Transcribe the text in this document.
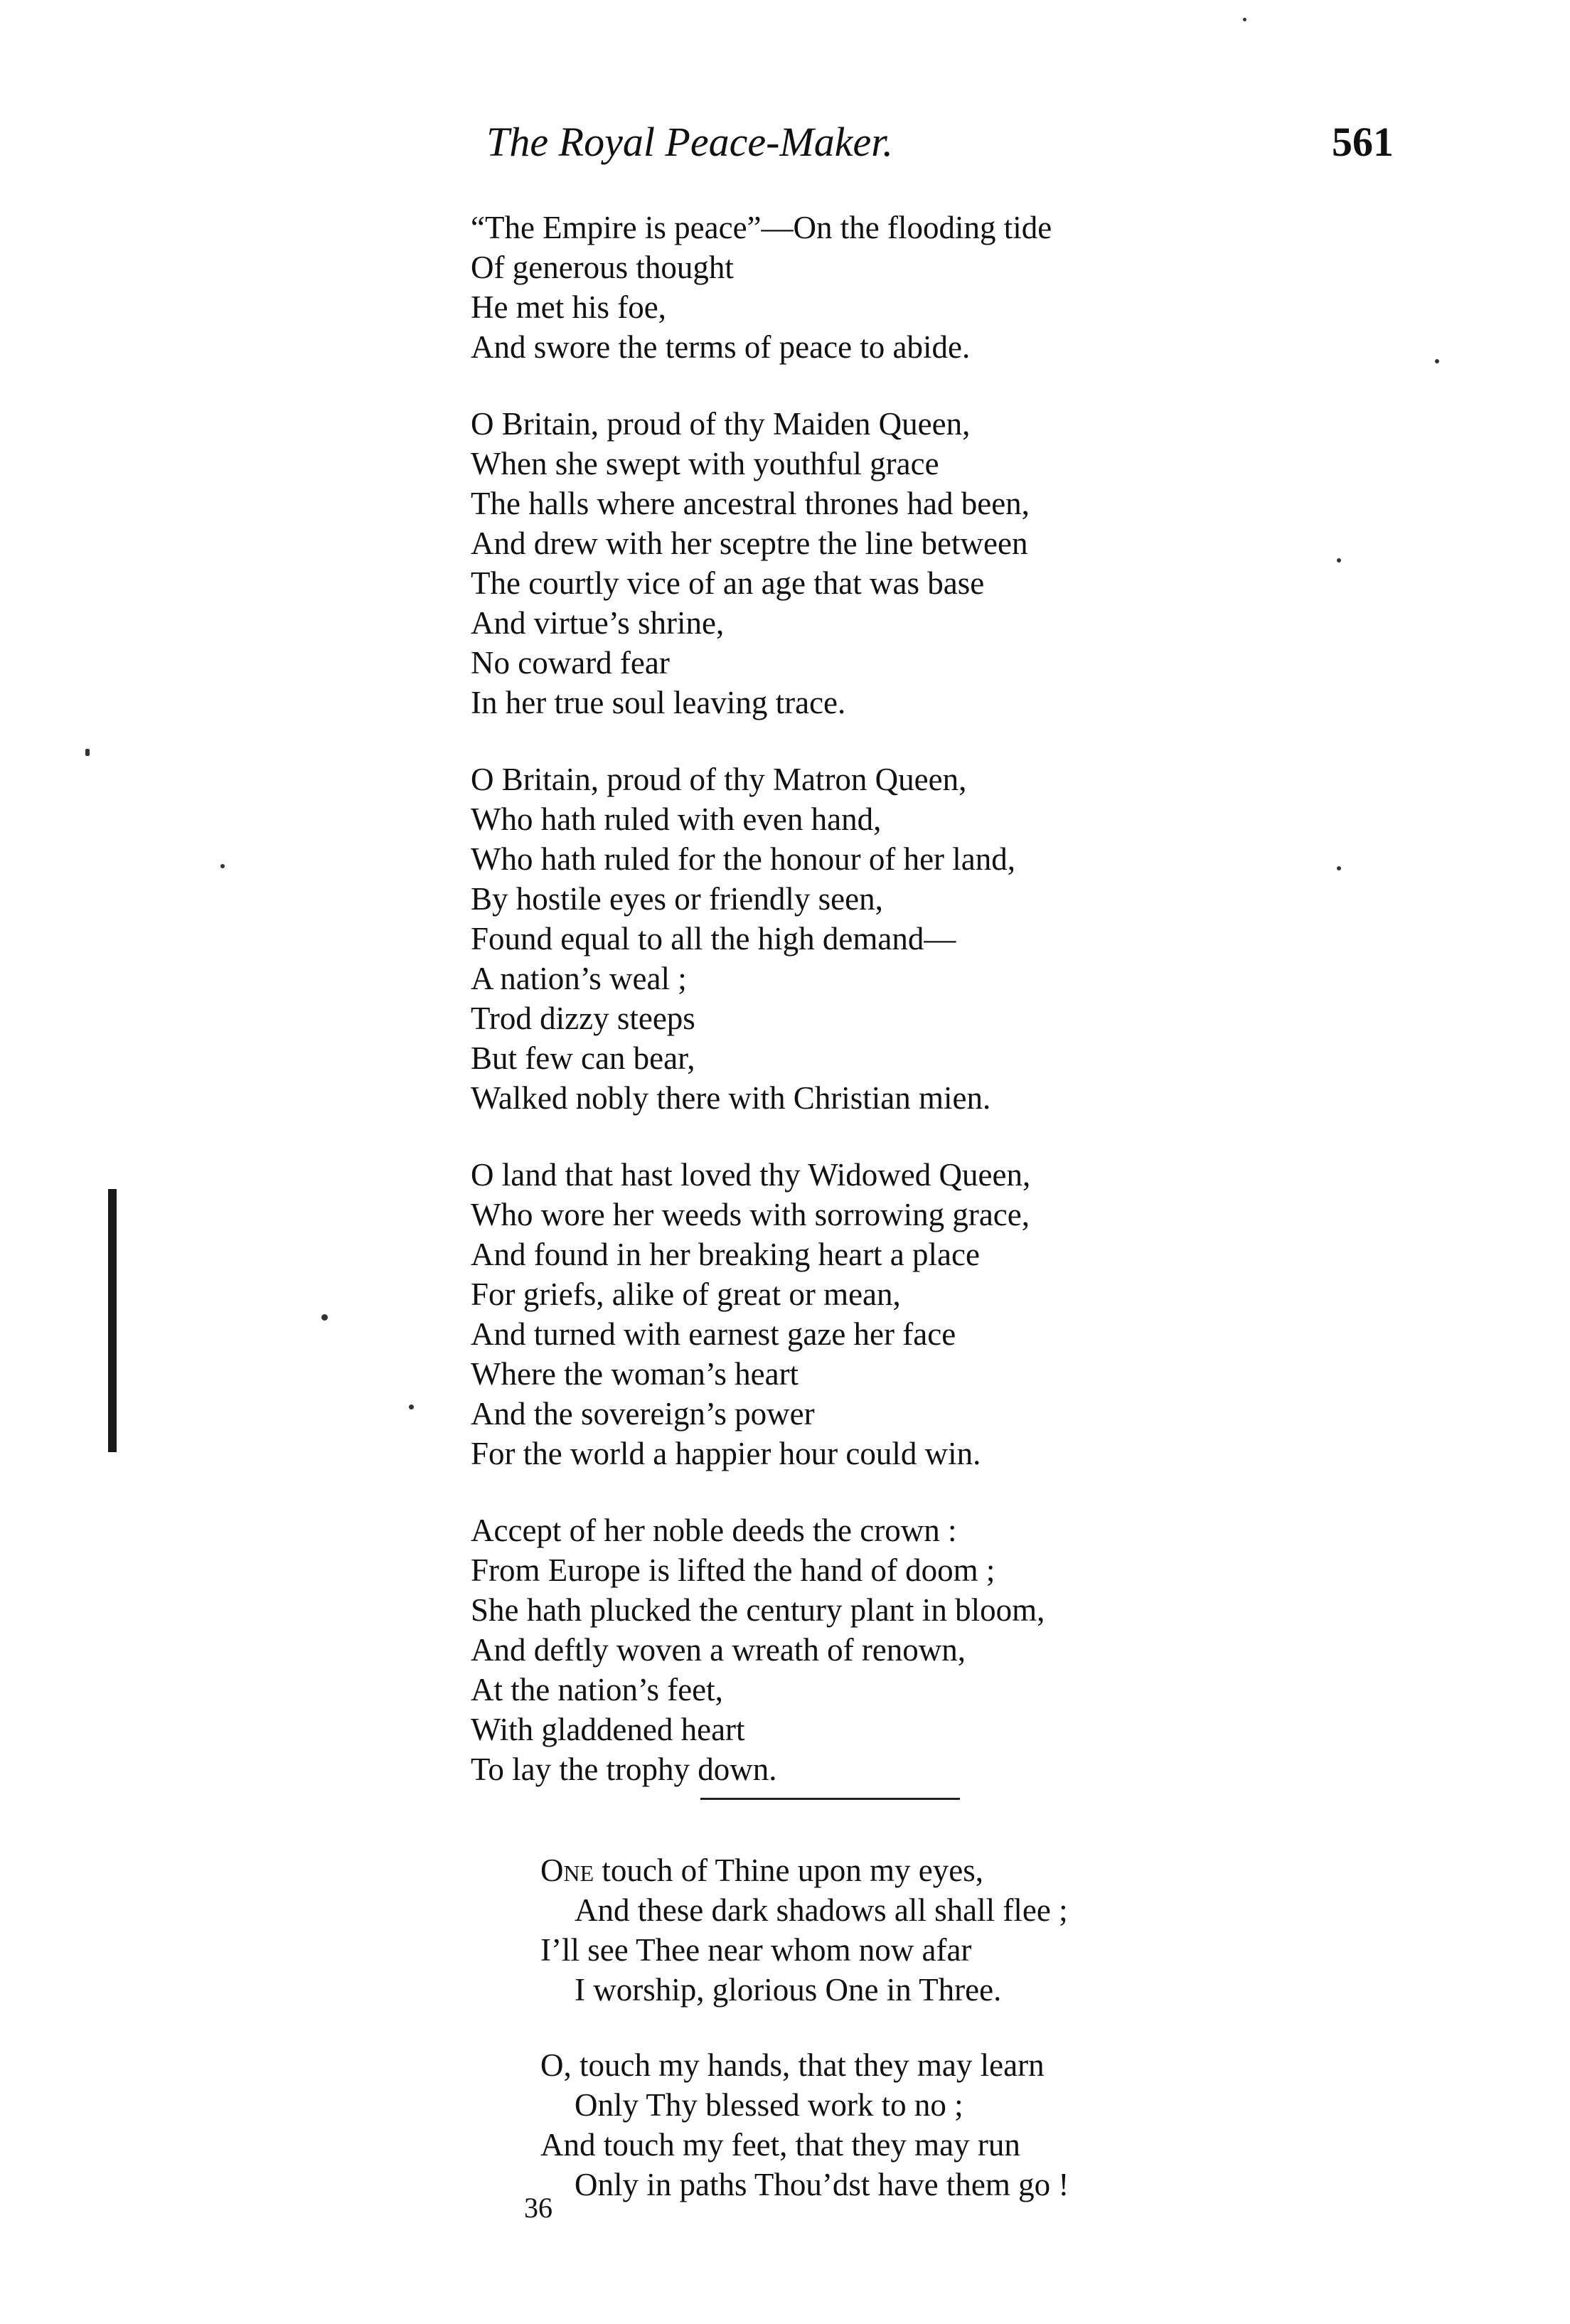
The Royal Peace-Maker.	561
“The Empire is peace”—On the flooding tide
Of generous thought
He met his foe,
And swore the terms of peace to abide.
O Britain, proud of thy Maiden Queen,
When she swept with youthful grace
The halls where ancestral thrones had been,
And drew with her sceptre the line between
The courtly vice of an age that was base
And virtue’s shrine,
No coward fear
In her true soul leaving trace.
O Britain, proud of thy Matron Queen,
Who hath ruled with even hand,
Who hath ruled for the honour of her land,
By hostile eyes or friendly seen,
Found equal to all the high demand—
A nation’s weal ;
Trod dizzy steeps
But few can bear,
Walked nobly there with Christian mien.
O land that hast loved thy Widowed Queen,
Who wore her weeds with sorrowing grace,
And found in her breaking heart a place
For griefs, alike of great or mean,
And turned with earnest gaze her face
Where the woman’s heart
And the sovereign’s power
For the world a happier hour could win.
Accept of her noble deeds the crown :
From Europe is lifted the hand of doom ;
She hath plucked the century plant in bloom,
And deftly woven a wreath of renown,
At the nation’s feet,
With gladdened heart
To lay the trophy down.
One touch of Thine upon my eyes,
And these dark shadows all shall flee ;
I’ll see Thee near whom now afar
I worship, glorious One in Three.
O, touch my hands, that they may learn
Only Thy blessed work to no ;
And touch my feet, that they may run
Only in paths Thou’dst have them go !
36
